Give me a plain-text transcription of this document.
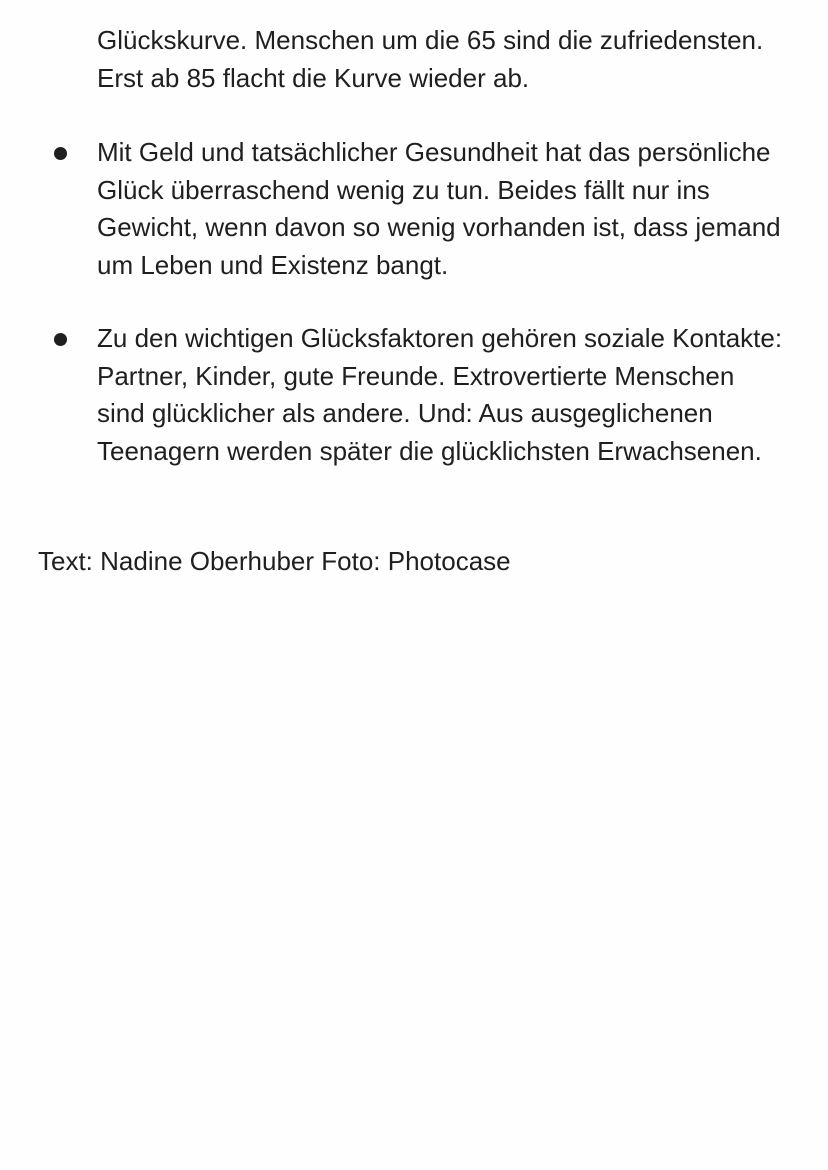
Glückskurve. Menschen um die 65 sind die zufriedensten. Erst ab 85 flacht die Kurve wieder ab.

Mit Geld und tatsächlicher Gesundheit hat das persönliche Glück überraschend wenig zu tun. Beides fällt nur ins Gewicht, wenn davon so wenig vorhanden ist, dass jemand um Leben und Existenz bangt.

Zu den wichtigen Glücksfaktoren gehören soziale Kontakte: Partner, Kinder, gute Freunde. Extrovertierte Menschen sind glücklicher als andere. Und: Aus ausgeglichenen Teenagern werden später die glücklichsten Erwachsenen.

Text: Nadine Oberhuber Foto: Photocase
